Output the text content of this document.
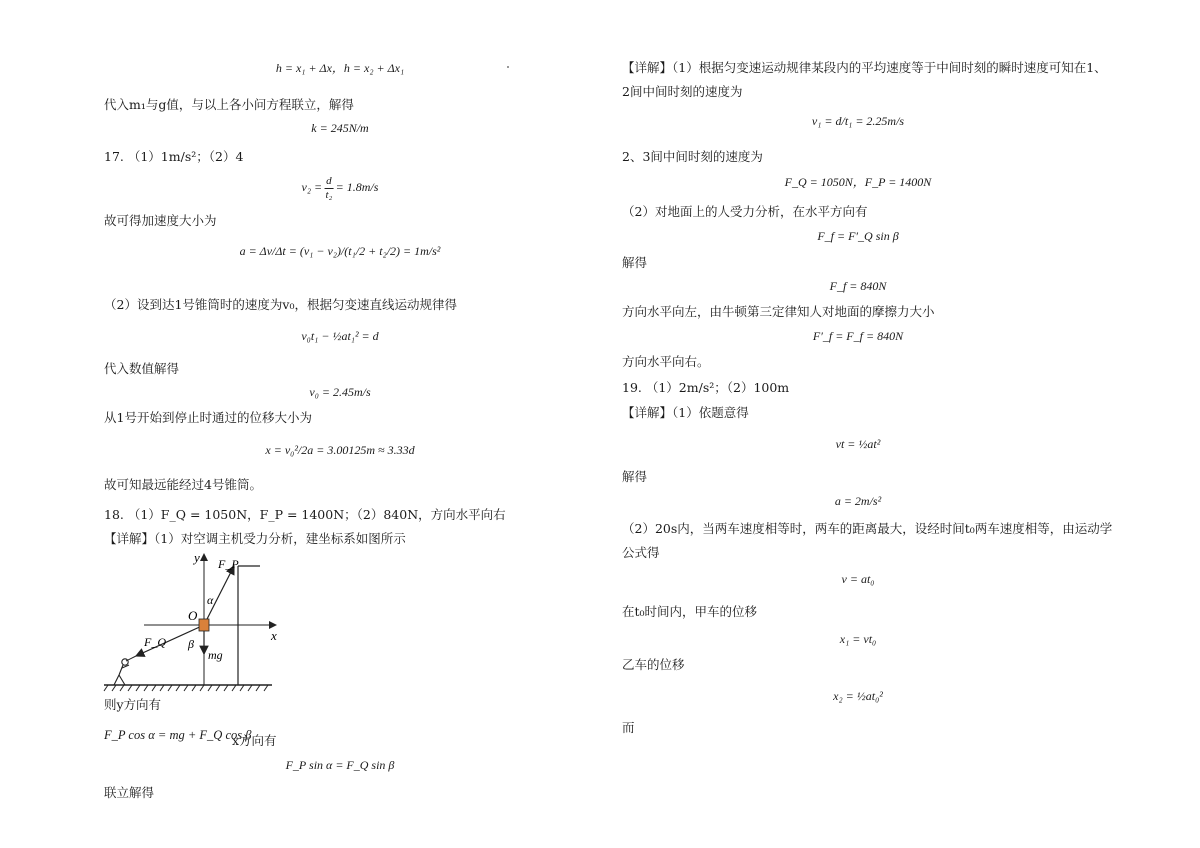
h = x₁ + Δx，h = x₂ + Δx₁
代入m₁与g值，与以上各小问方程联立，解得
k = 245N/m
17. （1）1m/s²；（2）4
$v_2 = \frac{d}{\text{t₂}} = 1.8m/s$
故可得加速度大小为
a = Δv/Δt = (v₁ − v₂)/(t₁/2 + t₂/2) = 1m/s²
（2）设到达1号锥筒时的速度为v₀，根据匀变速直线运动规律得
v₀t₁ − ½at₁² = d
代入数值解得
v₀ = 2.45m/s
从1号开始到停止时通过的位移大小为
x = v₀²/2a = 3.00125m ≈ 3.33d
故可知最远能经过4号锥筒。
18. （1）F_Q = 1050N，F_P = 1400N；（2）840N，方向水平向右
【详解】（1）对空调主机受力分析，建坐标系如图所示
y
x
O
F_P
F_Q
α
β
mg
则y方向有
F_P cos α = mg + F_Q cos β
x方向有
F_P sin α = F_Q sin β
联立解得
【详解】（1）根据匀变速运动规律某段内的平均速度等于中间时刻的瞬时速度可知在1、
2间中间时刻的速度为
v₁ = d/t₁ = 2.25m/s
2、3间中间时刻的速度为
F_Q = 1050N，F_P = 1400N
（2）对地面上的人受力分析，在水平方向有
F_f = F′_Q sin β
解得
F_f = 840N
方向水平向左，由牛顿第三定律知人对地面的摩擦力大小
F′_f = F_f = 840N
方向水平向右。
19. （1）2m/s²；（2）100m
【详解】（1）依题意得
vt = ½at²
解得
a = 2m/s²
（2）20s内，当两车速度相等时，两车的距离最大，设经时间t₀两车速度相等，由运动学
公式得
v = at₀
在t₀时间内，甲车的位移
x₁ = vt₀
乙车的位移
x₂ = ½at₀²
而
